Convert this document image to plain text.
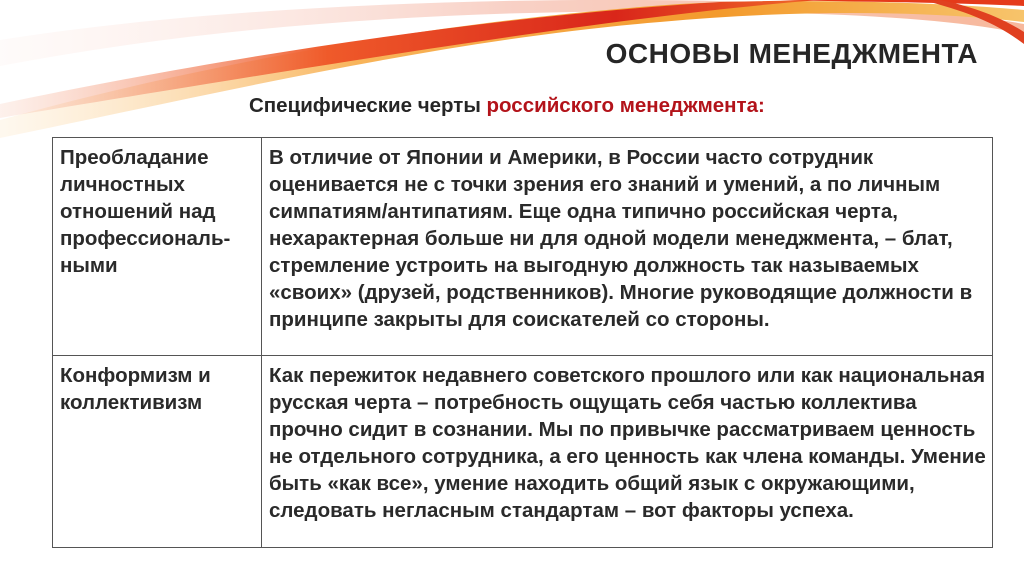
ОСНОВЫ МЕНЕДЖМЕНТА
Специфические черты российского менеджмента:
Преобладание личностных отношений над профессиональ-ными	В отличие от Японии и Америки, в России часто сотрудник оценивается не с точки зрения его знаний и умений, а по личным симпатиям/антипатиям. Еще одна типично российская черта, нехарактерная больше ни для одной модели менеджмента, – блат, стремление устроить на выгодную должность так называемых «своих» (друзей, родственников). Многие руководящие должности в принципе закрыты для соискателей со стороны.
Конформизм и коллективизм	Как пережиток недавнего советского прошлого или как национальная русская черта – потребность ощущать себя частью коллектива прочно сидит в сознании. Мы по привычке рассматриваем ценность не отдельного сотрудника, а его ценность как члена команды. Умение быть «как все», умение находить общий язык с окружающими, следовать негласным стандартам – вот факторы успеха.
